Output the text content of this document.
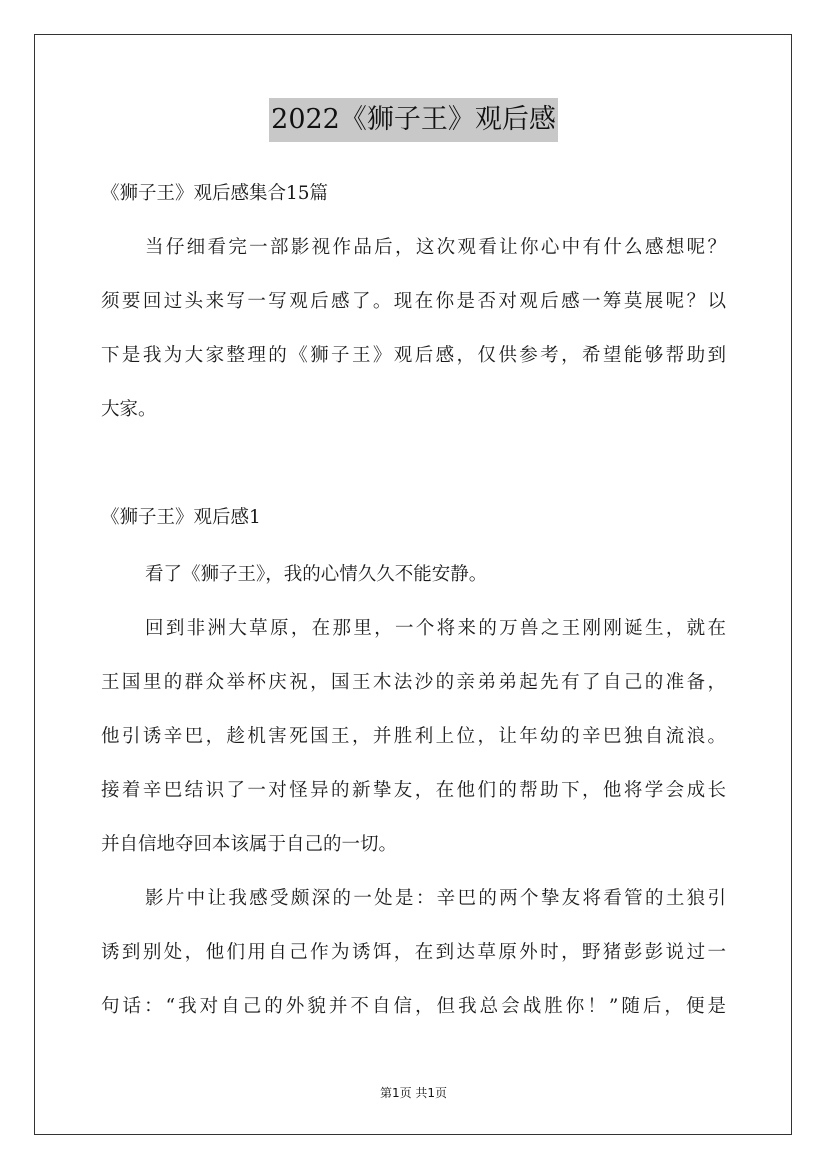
2022《狮子王》观后感
《狮子王》观后感集合15篇
当仔细看完一部影视作品后，这次观看让你心中有什么感想呢？
须要回过头来写一写观后感了。现在你是否对观后感一筹莫展呢？以
下是我为大家整理的《狮子王》观后感，仅供参考，希望能够帮助到
大家。
《狮子王》观后感1
看了《狮子王》，我的心情久久不能安静。
回到非洲大草原，在那里，一个将来的万兽之王刚刚诞生，就在
王国里的群众举杯庆祝，国王木法沙的亲弟弟起先有了自己的准备，
他引诱辛巴，趁机害死国王，并胜利上位，让年幼的辛巴独自流浪。
接着辛巴结识了一对怪异的新挚友，在他们的帮助下，他将学会成长
并自信地夺回本该属于自己的一切。
影片中让我感受颇深的一处是：辛巴的两个挚友将看管的土狼引
诱到别处，他们用自己作为诱饵，在到达草原外时，野猪彭彭说过一
句话：“我对自己的外貌并不自信，但我总会战胜你！”随后，便是
第1页 共1页
